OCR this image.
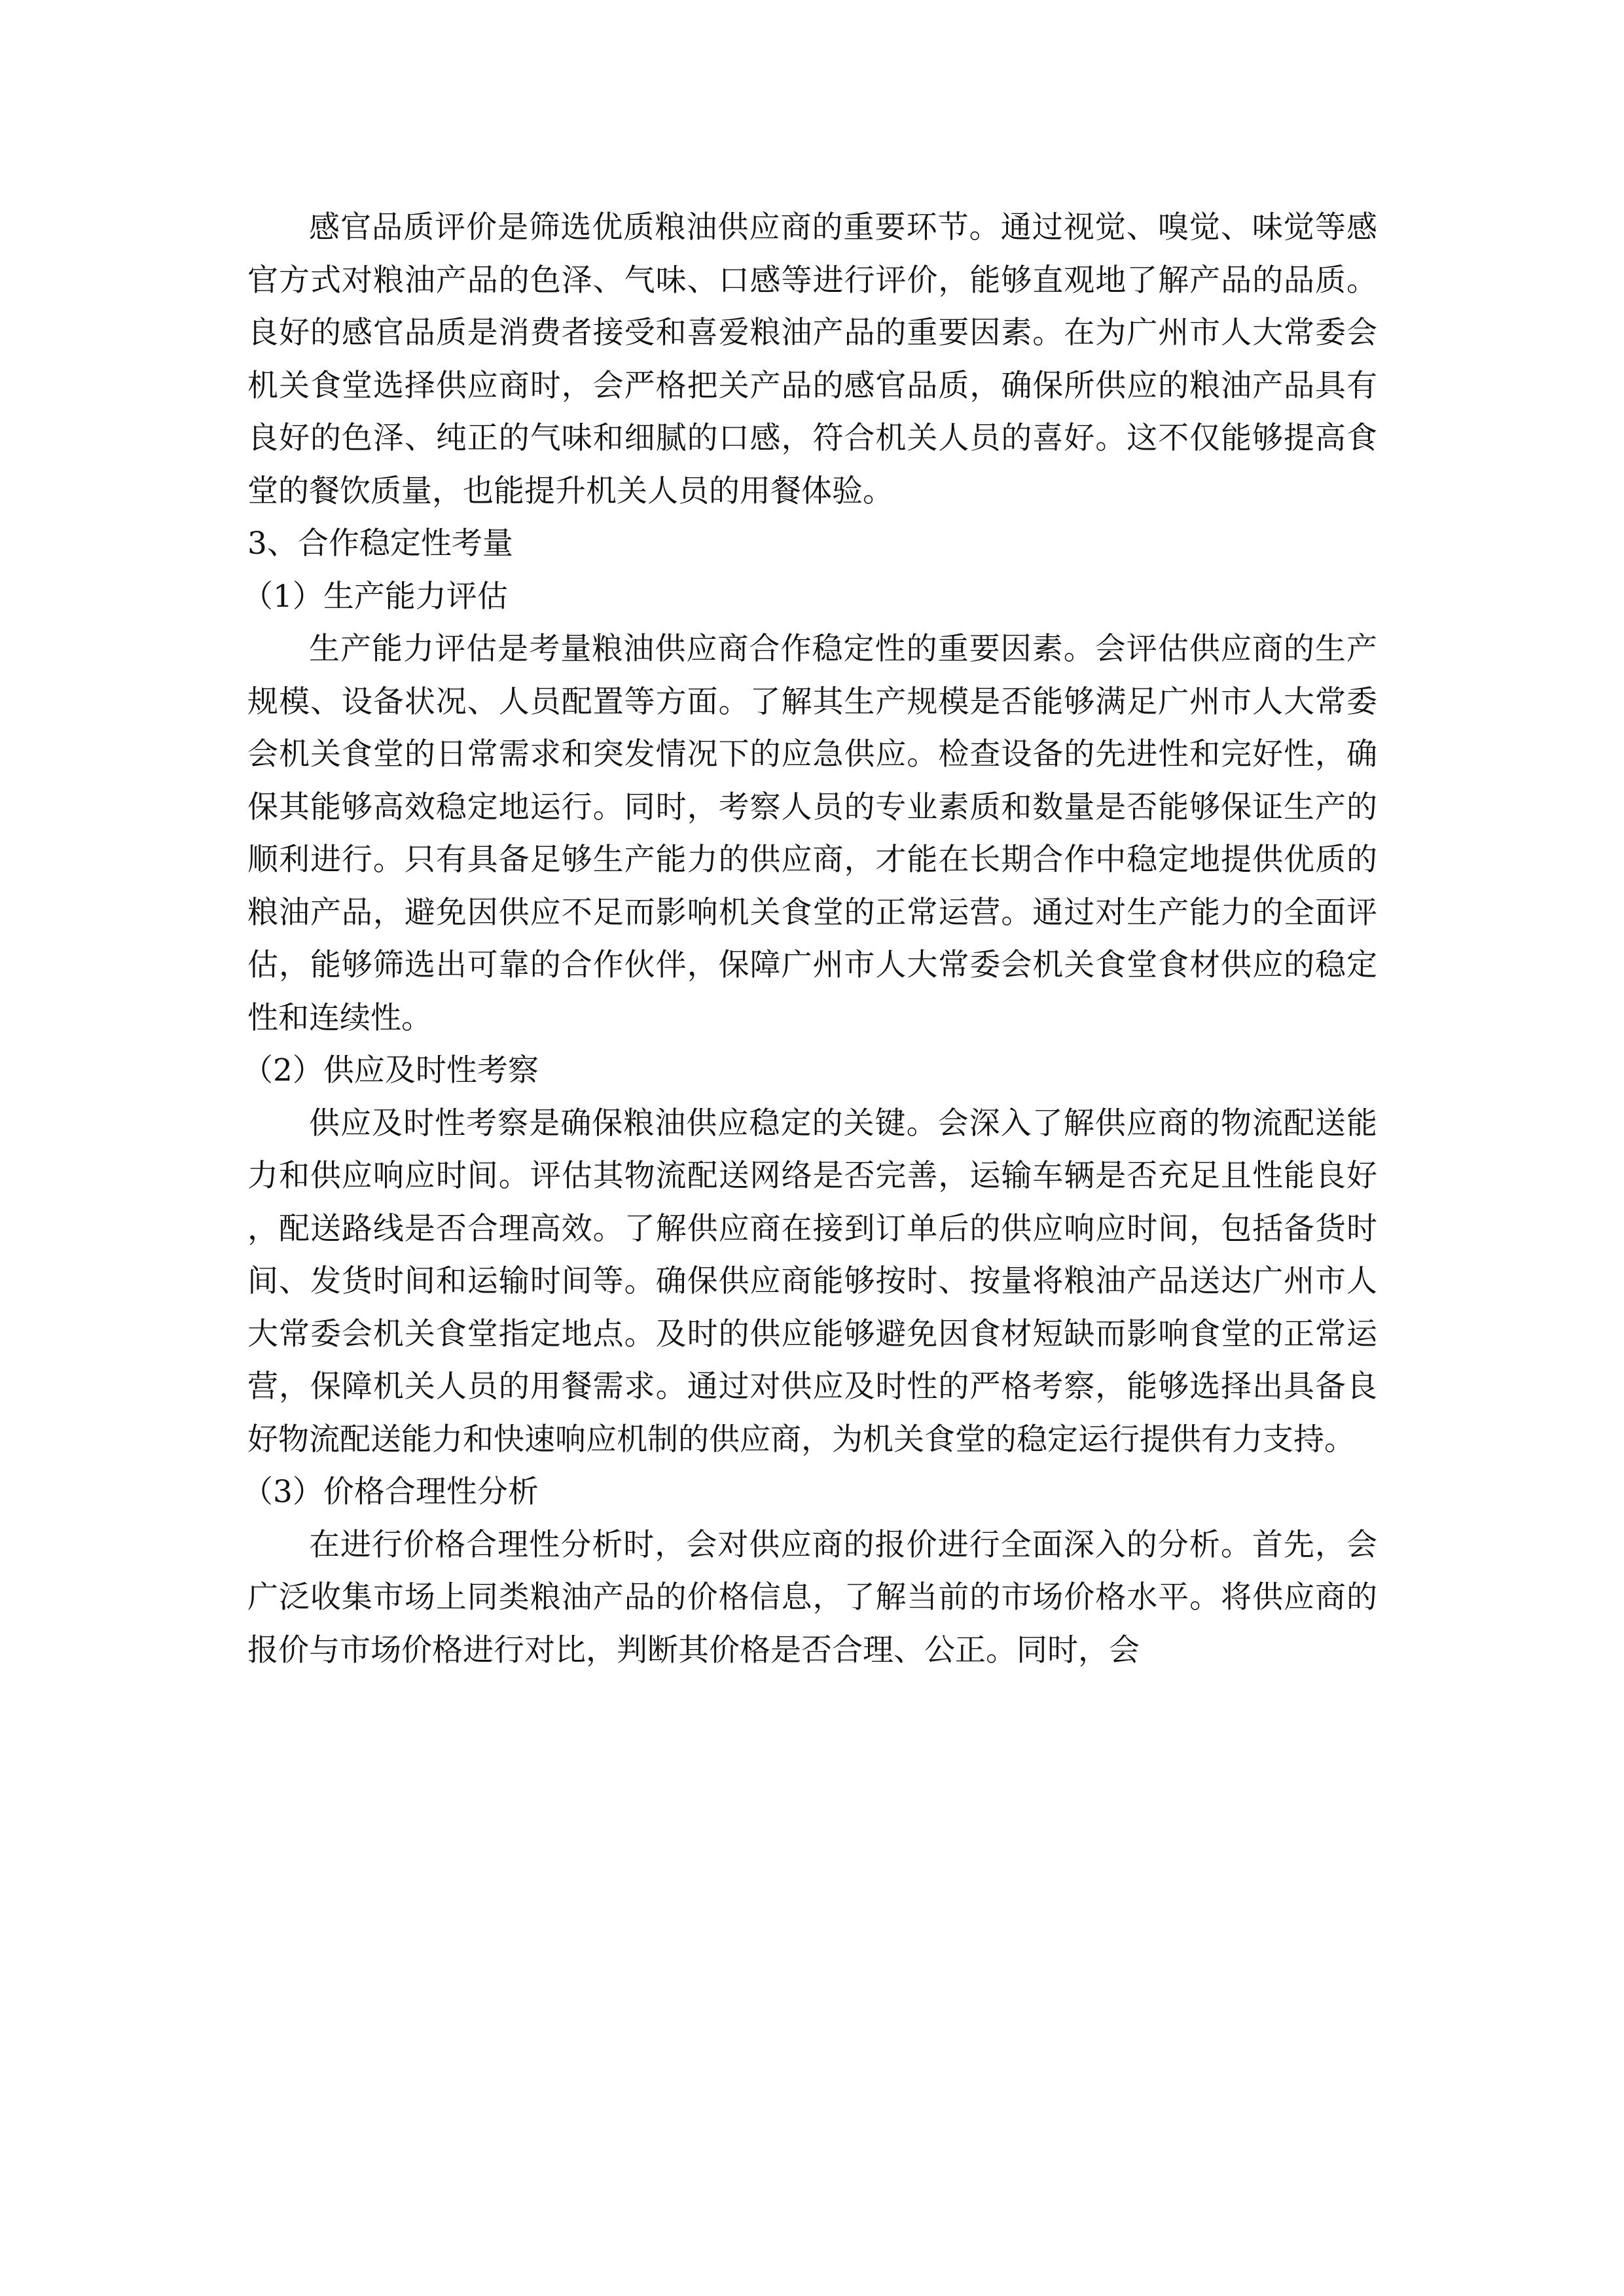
感官品质评价是筛选优质粮油供应商的重要环节。通过视觉、嗅觉、味觉等感官方式对粮油产品的色泽、气味、口感等进行评价，能够直观地了解产品的品质。良好的感官品质是消费者接受和喜爱粮油产品的重要因素。在为广州市人大常委会机关食堂选择供应商时，会严格把关产品的感官品质，确保所供应的粮油产品具有良好的色泽、纯正的气味和细腻的口感，符合机关人员的喜好。这不仅能够提高食堂的餐饮质量，也能提升机关人员的用餐体验。

3、合作稳定性考量

（1）生产能力评估

生产能力评估是考量粮油供应商合作稳定性的重要因素。会评估供应商的生产规模、设备状况、人员配置等方面。了解其生产规模是否能够满足广州市人大常委会机关食堂的日常需求和突发情况下的应急供应。检查设备的先进性和完好性，确保其能够高效稳定地运行。同时，考察人员的专业素质和数量是否能够保证生产的顺利进行。只有具备足够生产能力的供应商，才能在长期合作中稳定地提供优质的粮油产品，避免因供应不足而影响机关食堂的正常运营。通过对生产能力的全面评估，能够筛选出可靠的合作伙伴，保障广州市人大常委会机关食堂食材供应的稳定性和连续性。

（2）供应及时性考察

供应及时性考察是确保粮油供应稳定的关键。会深入了解供应商的物流配送能力和供应响应时间。评估其物流配送网络是否完善，运输车辆是否充足且性能良好，配送路线是否合理高效。了解供应商在接到订单后的供应响应时间，包括备货时间、发货时间和运输时间等。确保供应商能够按时、按量将粮油产品送达广州市人大常委会机关食堂指定地点。及时的供应能够避免因食材短缺而影响食堂的正常运营，保障机关人员的用餐需求。通过对供应及时性的严格考察，能够选择出具备良好物流配送能力和快速响应机制的供应商，为机关食堂的稳定运行提供有力支持。

（3）价格合理性分析

在进行价格合理性分析时，会对供应商的报价进行全面深入的分析。首先，会广泛收集市场上同类粮油产品的价格信息，了解当前的市场价格水平。将供应商的报价与市场价格进行对比，判断其价格是否合理、公正。同时，会
